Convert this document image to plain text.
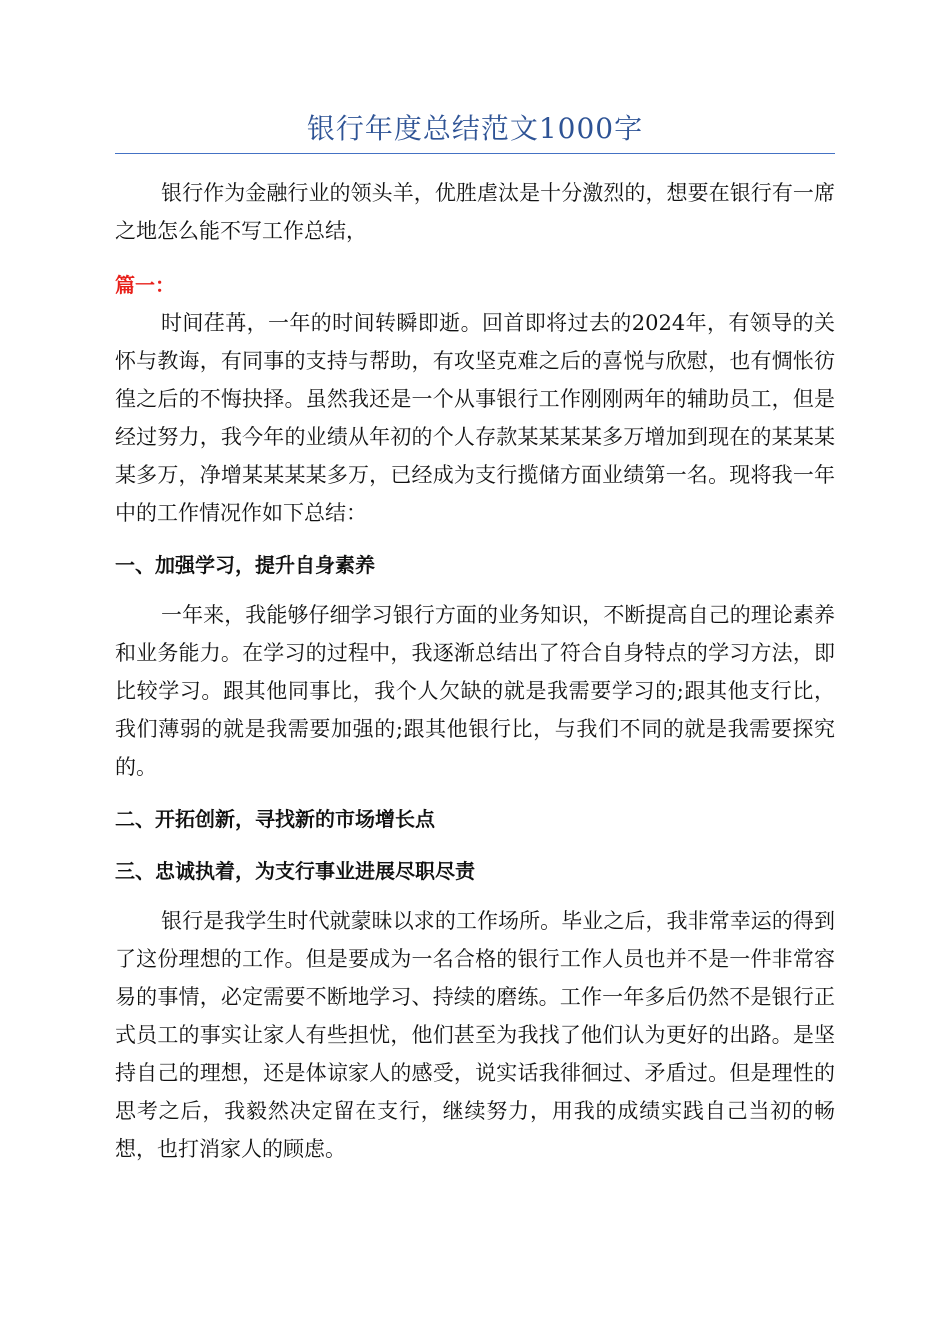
银行年度总结范文1000字

银行作为金融行业的领头羊，优胜虐汰是十分激烈的，想要在银行有一席之地怎么能不写工作总结，

篇一：

时间荏苒，一年的时间转瞬即逝。回首即将过去的2024年，有领导的关怀与教诲，有同事的支持与帮助，有攻坚克难之后的喜悦与欣慰，也有惆怅彷徨之后的不悔抉择。虽然我还是一个从事银行工作刚刚两年的辅助员工，但是经过努力，我今年的业绩从年初的个人存款某某某某多万增加到现在的某某某某多万，净增某某某某多万，已经成为支行揽储方面业绩第一名。现将我一年中的工作情况作如下总结：

一、加强学习，提升自身素养

一年来，我能够仔细学习银行方面的业务知识，不断提高自己的理论素养和业务能力。在学习的过程中，我逐渐总结出了符合自身特点的学习方法，即比较学习。跟其他同事比，我个人欠缺的就是我需要学习的;跟其他支行比，我们薄弱的就是我需要加强的;跟其他银行比，与我们不同的就是我需要探究的。

二、开拓创新，寻找新的市场增长点
三、忠诚执着，为支行事业进展尽职尽责

银行是我学生时代就蒙昧以求的工作场所。毕业之后，我非常幸运的得到了这份理想的工作。但是要成为一名合格的银行工作人员也并不是一件非常容易的事情，必定需要不断地学习、持续的磨练。工作一年多后仍然不是银行正式员工的事实让家人有些担忧，他们甚至为我找了他们认为更好的出路。是坚持自己的理想，还是体谅家人的感受，说实话我徘徊过、矛盾过。但是理性的思考之后，我毅然决定留在支行，继续努力，用我的成绩实践自己当初的畅想，也打消家人的顾虑。
